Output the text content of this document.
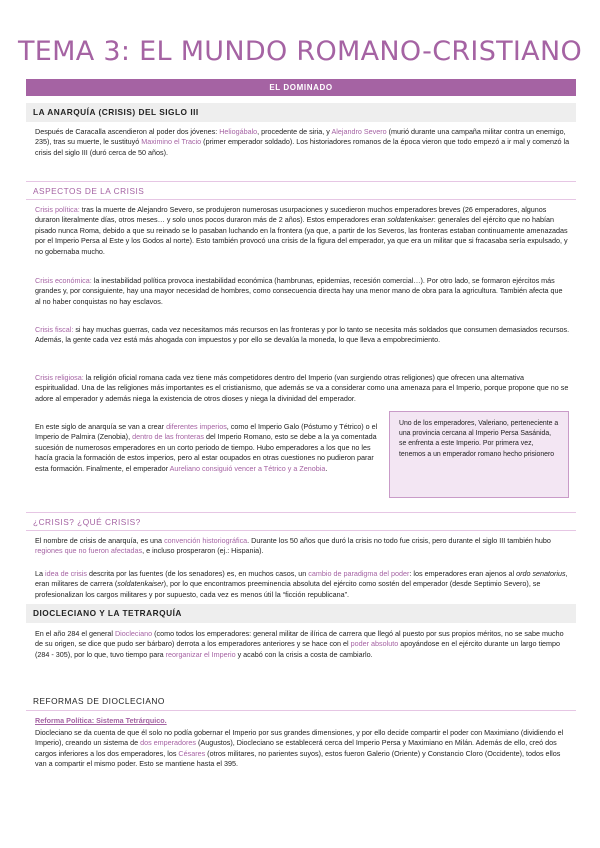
TEMA 3: EL MUNDO ROMANO-CRISTIANO
EL DOMINADO
LA ANARQUÍA (CRISIS) DEL SIGLO III

Después de Caracalla ascendieron al poder dos jóvenes: Heliogábalo, procedente de siria, y Alejandro Severo (murió durante una campaña militar contra un enemigo, 235), tras su muerte, le sustituyó Maximino el Tracio (primer emperador soldado). Los historiadores romanos de la época vieron que todo empezó a ir mal y comenzó la crisis del siglo III (duró cerca de 50 años).

ASPECTOS DE LA CRISIS

Crisis política: tras la muerte de Alejandro Severo, se produjeron numerosas usurpaciones y sucedieron muchos emperadores breves (26 emperadores, algunos duraron literalmente días, otros meses… y solo unos pocos duraron más de 2 años). Estos emperadores eran soldatenkaiser: generales del ejército que no habían pisado nunca Roma, debido a que su reinado se lo pasaban luchando en la frontera (ya que, a partir de los Severos, las fronteras estaban continuamente amenazadas por el Imperio Persa al Este y los Godos al norte). Esto también provocó una crisis de la figura del emperador, ya que era un militar que si fracasaba sería expulsado, y no gobernaba mucho.

Crisis económica: la inestabilidad política provoca inestabilidad económica (hambrunas, epidemias, recesión comercial…). Por otro lado, se formaron ejércitos más grandes y, por consiguiente, hay una mayor necesidad de hombres, como consecuencia directa hay una menor mano de obra para la agricultura. También afecta que al no haber conquistas no hay esclavos.

Crisis fiscal: si hay muchas guerras, cada vez necesitamos más recursos en las fronteras y por lo tanto se necesita más soldados que consumen demasiados recursos. Además, la gente cada vez está más ahogada con impuestos y por ello se devalúa la moneda, lo que lleva a empobrecimiento.

Crisis religiosa: la religión oficial romana cada vez tiene más competidores dentro del Imperio (van surgiendo otras religiones) que ofrecen una alternativa espiritualidad. Una de las religiones más importantes es el cristianismo, que además se va a considerar como una amenaza para el Imperio, porque propone que no se adore al emperador y además niega la existencia de otros dioses y niega la divinidad del emperador.

En este siglo de anarquía se van a crear diferentes imperios, como el Imperio Galo (Póstumo y Tétrico) o el Imperio de Palmira (Zenobia), dentro de las fronteras del Imperio Romano, esto se debe a la ya comentada sucesión de numerosos emperadores en un corto periodo de tiempo. Hubo emperadores a los que no les hacía gracia la formación de estos imperios, pero al estar ocupados en otras cuestiones no pudieron parar esta formación. Finalmente, el emperador Aureliano consiguió vencer a Tétrico y a Zenobia.

Uno de los emperadores, Valeriano, perteneciente a una provincia cercana al Imperio Persa Sasánida, se enfrenta a este Imperio. Por primera vez, tenemos a un emperador romano hecho prisionero
¿CRISIS? ¿QUÉ CRISIS?

El nombre de crisis de anarquía, es una convención historiográfica. Durante los 50 años que duró la crisis no todo fue crisis, pero durante el siglo III también hubo regiones que no fueron afectadas, e incluso prosperaron (ej.: Hispania).

La idea de crisis descrita por las fuentes (de los senadores) es, en muchos casos, un cambio de paradigma del poder: los emperadores eran ajenos al ordo senatorius, eran militares de carrera (soldatenkaiser), por lo que encontramos preeminencia absoluta del ejército como sostén del emperador (desde Septimio Severo), se profesionalizan los cargos militares y por supuesto, cada vez es menos útil la “ficción republicana”.

DIOCLECIANO Y LA TETRARQUÍA

En el año 284 el general Diocleciano (como todos los emperadores: general militar de ilírica de carrera que llegó al puesto por sus propios méritos, no se sabe mucho de su origen, se dice que pudo ser bárbaro) derrota a los emperadores anteriores y se hace con el poder absoluto apoyándose en el ejército durante un largo tiempo (284 - 305), por lo que, tuvo tiempo para reorganizar el Imperio y acabó con la crisis a costa de cambiarlo.

REFORMAS DE DIOCLECIANO
Reforma Política: Sistema Tetrárquico.

Diocleciano se da cuenta de que él solo no podía gobernar el Imperio por sus grandes dimensiones, y por ello decide compartir el poder con Maximiano (dividiendo el Imperio), creando un sistema de dos emperadores (Augustos), Diocleciano se establecerá cerca del Imperio Persa y Maximiano en Milán. Además de ello, creó dos cargos inferiores a los dos emperadores, los Césares (otros militares, no parientes suyos), estos fueron Galerio (Oriente) y Constancio Cloro (Occidente), todos ellos van a compartir el mismo poder. Esto se mantiene hasta el 395.
